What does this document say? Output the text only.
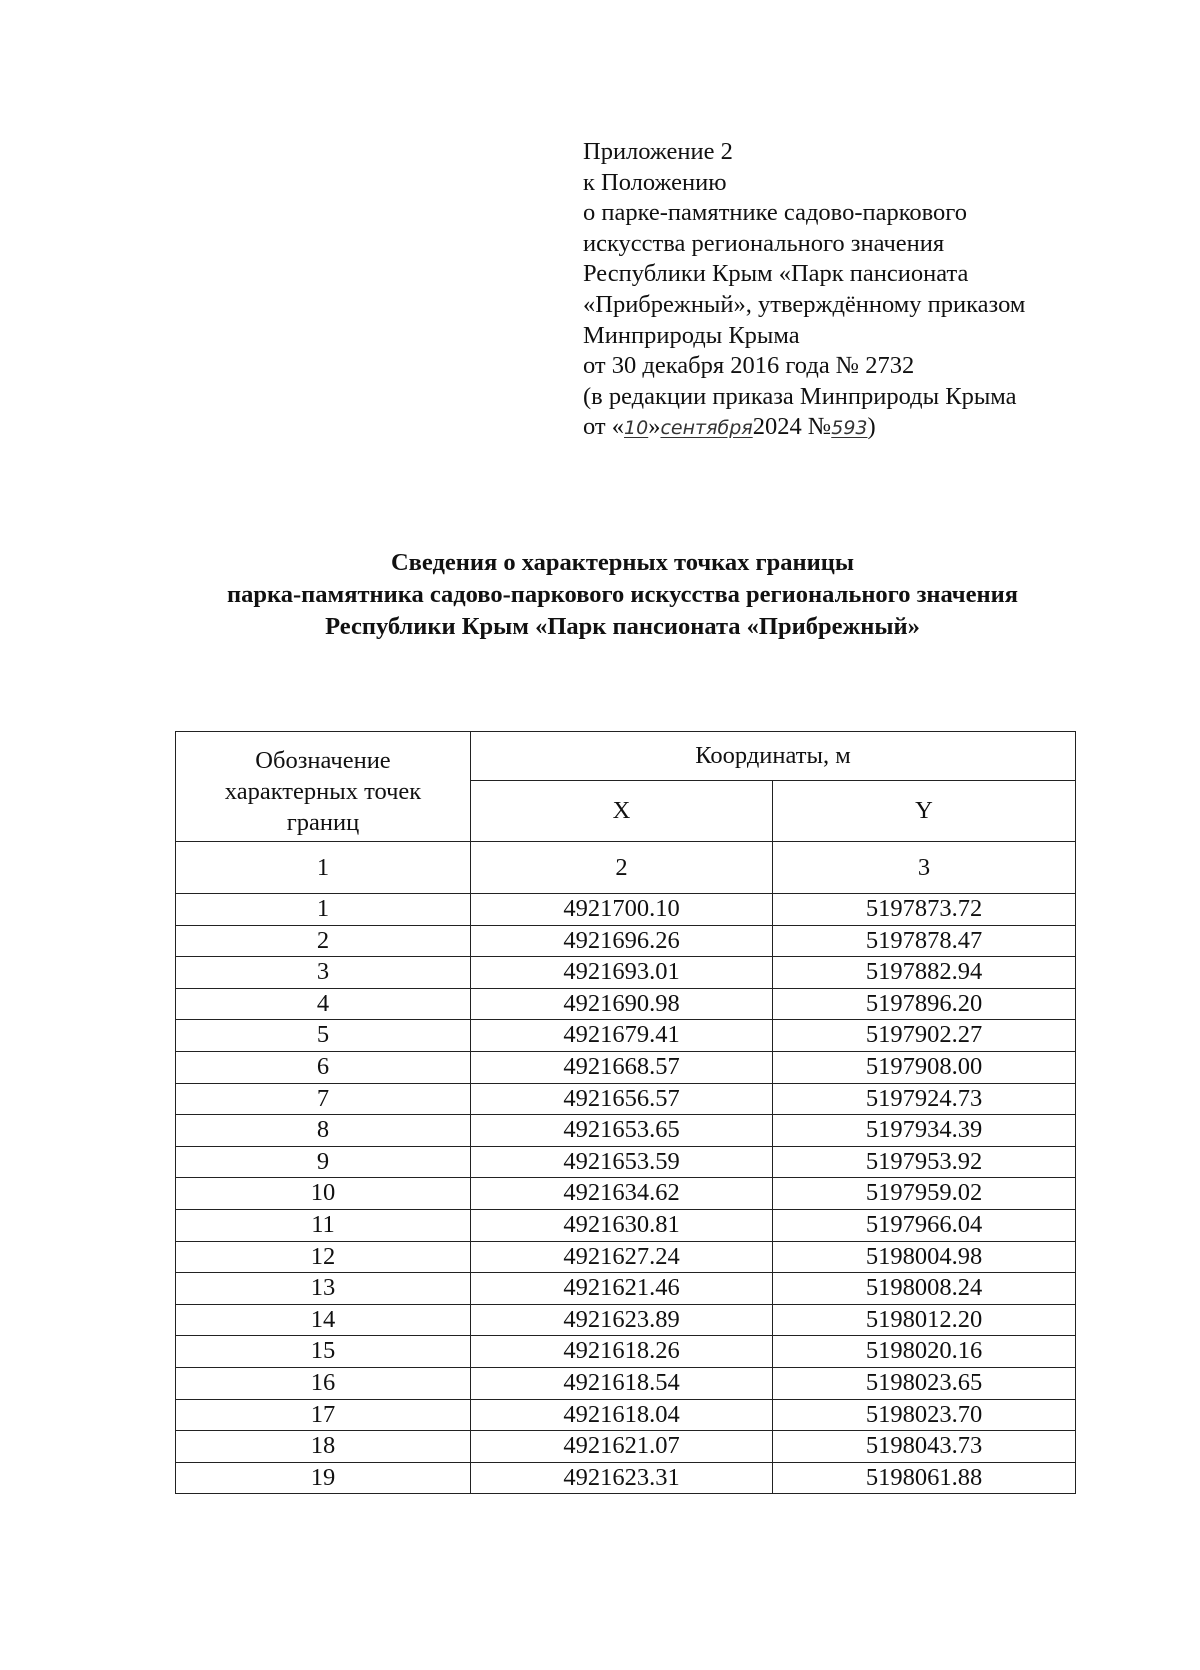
Приложение 2
к Положению
о парке-памятнике садово-паркового
искусства регионального значения
Республики Крым «Парк пансионата
«Прибрежный», утверждённому приказом
Минприроды Крыма
от 30 декабря 2016 года № 2732
(в редакции приказа Минприроды Крыма
от «10»сентября2024 №593)
Сведения о характерных точках границы
парка-памятника садово-паркового искусства регионального значения
Республики Крым «Парк пансионата «Прибрежный»
Обозначение
характерных точек
границ	Координаты, м	
	X	Y
1	2	3
1	4921700.10	5197873.72
2	4921696.26	5197878.47
3	4921693.01	5197882.94
4	4921690.98	5197896.20
5	4921679.41	5197902.27
6	4921668.57	5197908.00
7	4921656.57	5197924.73
8	4921653.65	5197934.39
9	4921653.59	5197953.92
10	4921634.62	5197959.02
11	4921630.81	5197966.04
12	4921627.24	5198004.98
13	4921621.46	5198008.24
14	4921623.89	5198012.20
15	4921618.26	5198020.16
16	4921618.54	5198023.65
17	4921618.04	5198023.70
18	4921621.07	5198043.73
19	4921623.31	5198061.88
